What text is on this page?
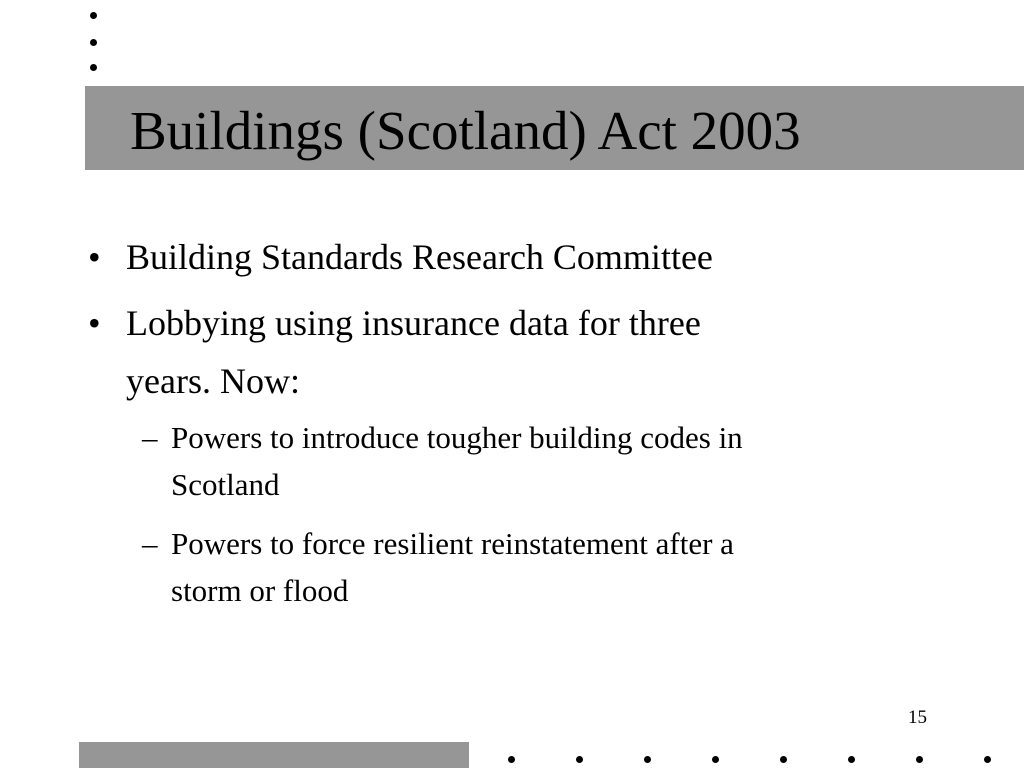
Buildings (Scotland) Act 2003
• Building Standards Research Committee
• Lobbying using insurance data for three
years. Now:
– Powers to introduce tougher building codes in
Scotland
– Powers to force resilient reinstatement after a
storm or flood
15
